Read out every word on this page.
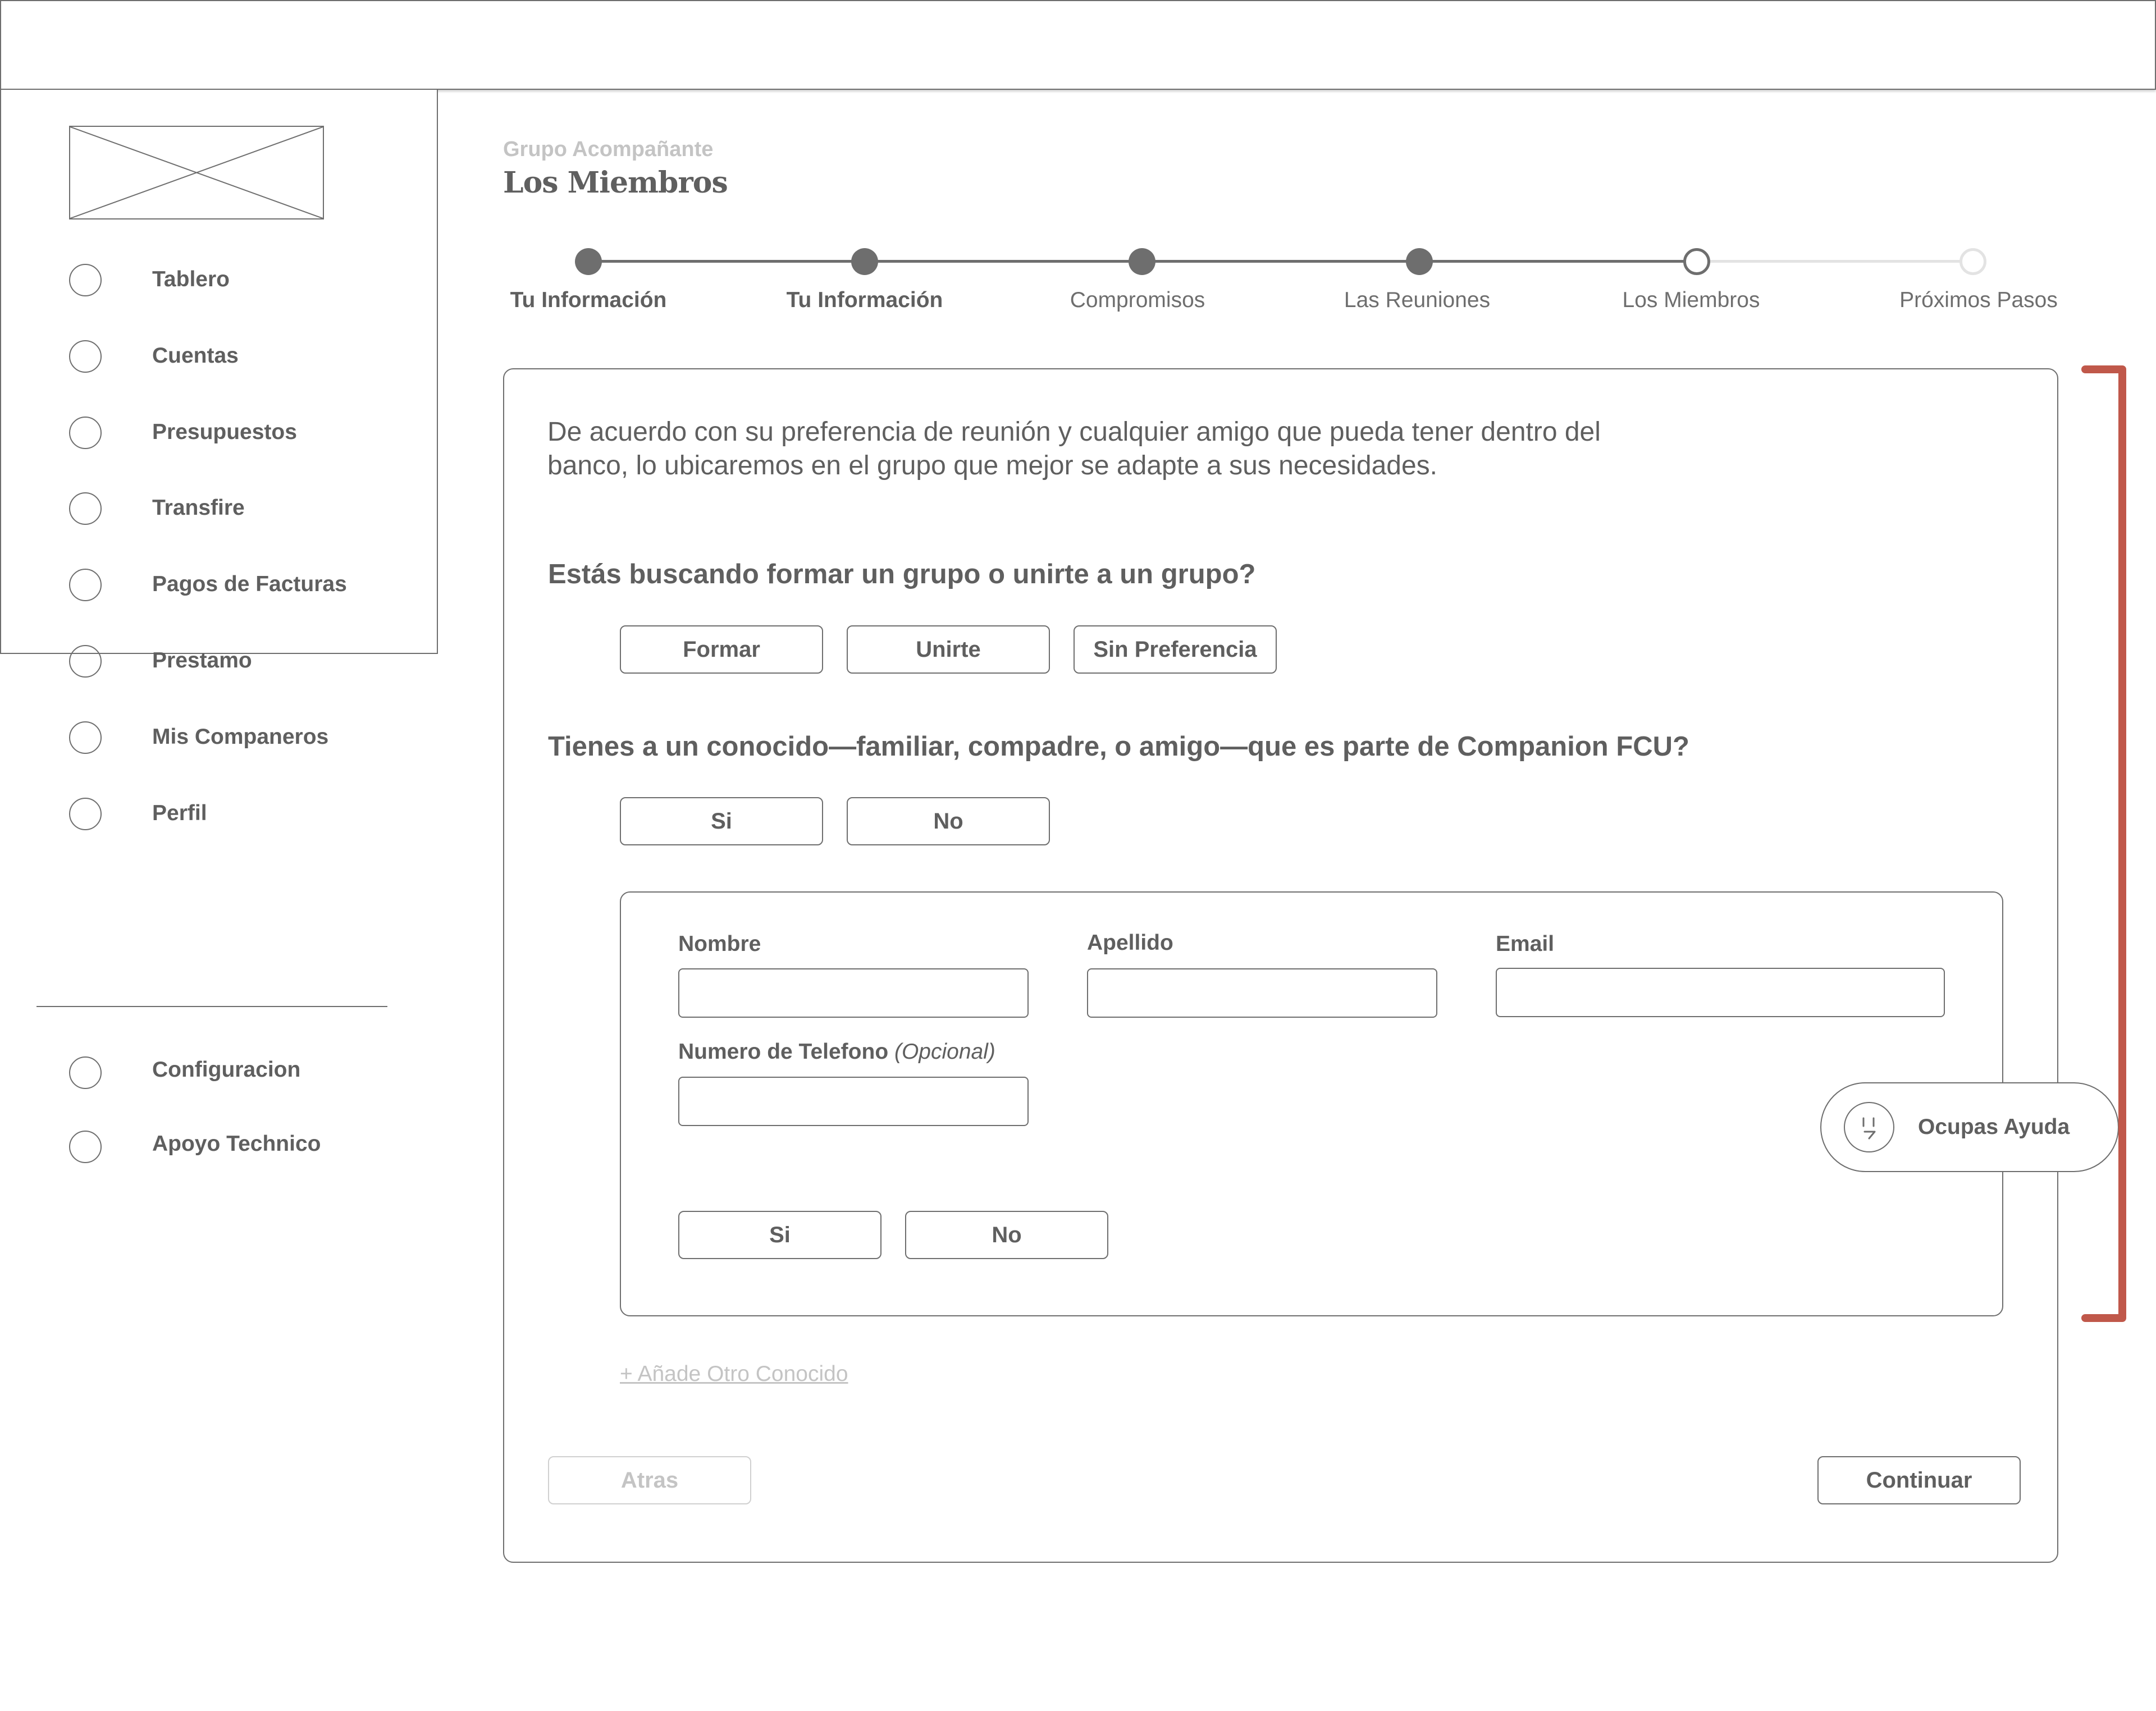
Tablero
Cuentas
Presupuestos
Transfire
Pagos de Facturas
Prestamo
Mis Companeros
Perfil
Configuracion
Apoyo Technico
Grupo Acompañante
Los Miembros
Tu Información	Tu Información	Compromisos	Las Reuniones	Los Miembros	Próximos Pasos

De acuerdo con su preferencia de reunión y cualquier amigo que pueda tener dentro del banco, lo ubicaremos en el grupo que mejor se adapte a sus necesidades.

Estás buscando formar un grupo o unirte a un grupo?
Formar	Unirte	Sin Preferencia
Tienes a un conocido—familiar, compadre, o amigo—que es parte de Companion FCU?
Si	No
Nombre	Apellido	Email
Numero de Telefono (Opcional)
Si	No
+ Añade Otro Conocido
Atras	Continuar
Ocupas Ayuda
